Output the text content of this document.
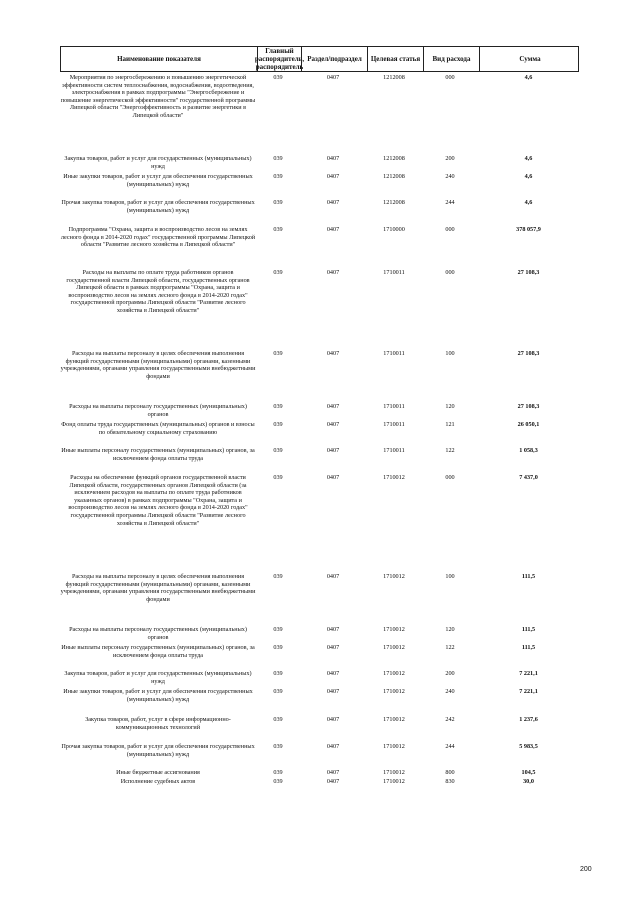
Наименование показателя
Главный распорядитель, распорядитель
Раздел/подраздел	Целевая статья	Вид расхода	Сумма
Мероприятия по энергосбережению и повышению энергетической эффективности систем теплоснабжения, водоснабжения, водоотведения, электроснабжения в рамках подпрограммы "Энергосбережение и повышение энергетической эффективности" государственной программы Липецкой области "Энергоэффективность и развитие энергетики в Липецкой области"
039	0407	1212008	000	4,6
Закупка товаров, работ и услуг для государственных (муниципальных) нужд
039	0407	1212008	200	4,6
Иные закупки товаров, работ и услуг для обеспечения государственных (муниципальных) нужд
039	0407	1212008	240	4,6
Прочая закупка товаров, работ и услуг для обеспечения государственных (муниципальных) нужд
039	0407	1212008	244	4,6
Подпрограмма "Охрана, защита и воспроизводство лесов на землях лесного фонда в 2014-2020 годах" государственной программы Липецкой области "Развитие лесного хозяйства в Липецкой области"
039	0407	1710000	000	378 057,9
Расходы на выплаты по оплате труда работников органов государственной власти Липецкой области, государственных органов Липецкой области в рамках подпрограммы "Охрана, защита и воспроизводство лесов на землях лесного фонда в 2014-2020 годах" государственной программы Липецкой области "Развитие лесного хозяйства в Липецкой области"
039	0407	1710011	000	27 108,3
Расходы на выплаты персоналу в целях обеспечения выполнения функций государственными (муниципальными) органами, казенными учреждениями, органами управления государственными внебюджетными фондами
039	0407	1710011	100	27 108,3
Расходы на выплаты персоналу государственных (муниципальных) органов
039	0407	1710011	120	27 108,3
Фонд оплаты труда государственных (муниципальных) органов и взносы по обязательному социальному страхованию
039	0407	1710011	121	26 050,1
Иные выплаты персоналу государственных (муниципальных) органов, за исключением фонда оплаты труда
039	0407	1710011	122	1 058,3
Расходы на обеспечение функций органов государственной власти Липецкой области, государственных органов Липецкой области (за исключением расходов на выплаты по оплате труда работников указанных органов) в рамках подпрограммы "Охрана, защита и воспроизводство лесов на землях лесного фонда в 2014-2020 годах" государственной программы Липецкой области "Развитие лесного хозяйства в Липецкой области"
039	0407	1710012	000	7 437,0
Расходы на выплаты персоналу в целях обеспечения выполнения функций государственными (муниципальными) органами, казенными учреждениями, органами управления государственными внебюджетными фондами
039	0407	1710012	100	111,5
Расходы на выплаты персоналу государственных (муниципальных) органов
039	0407	1710012	120	111,5
Иные выплаты персоналу государственных (муниципальных) органов, за исключением фонда оплаты труда
039	0407	1710012	122	111,5
Закупка товаров, работ и услуг для государственных (муниципальных) нужд
039	0407	1710012	200	7 221,1
Иные закупки товаров, работ и услуг для обеспечения государственных (муниципальных) нужд
039	0407	1710012	240	7 221,1
Закупка товаров, работ, услуг в сфере информационно-коммуникационных технологий
039	0407	1710012	242	1 237,6
Прочая закупка товаров, работ и услуг для обеспечения государственных (муниципальных) нужд
039	0407	1710012	244	5 983,5
Иные бюджетные ассигнования	039	0407	1710012	800	104,5
Исполнение судебных актов	039	0407	1710012	830	30,0
200
